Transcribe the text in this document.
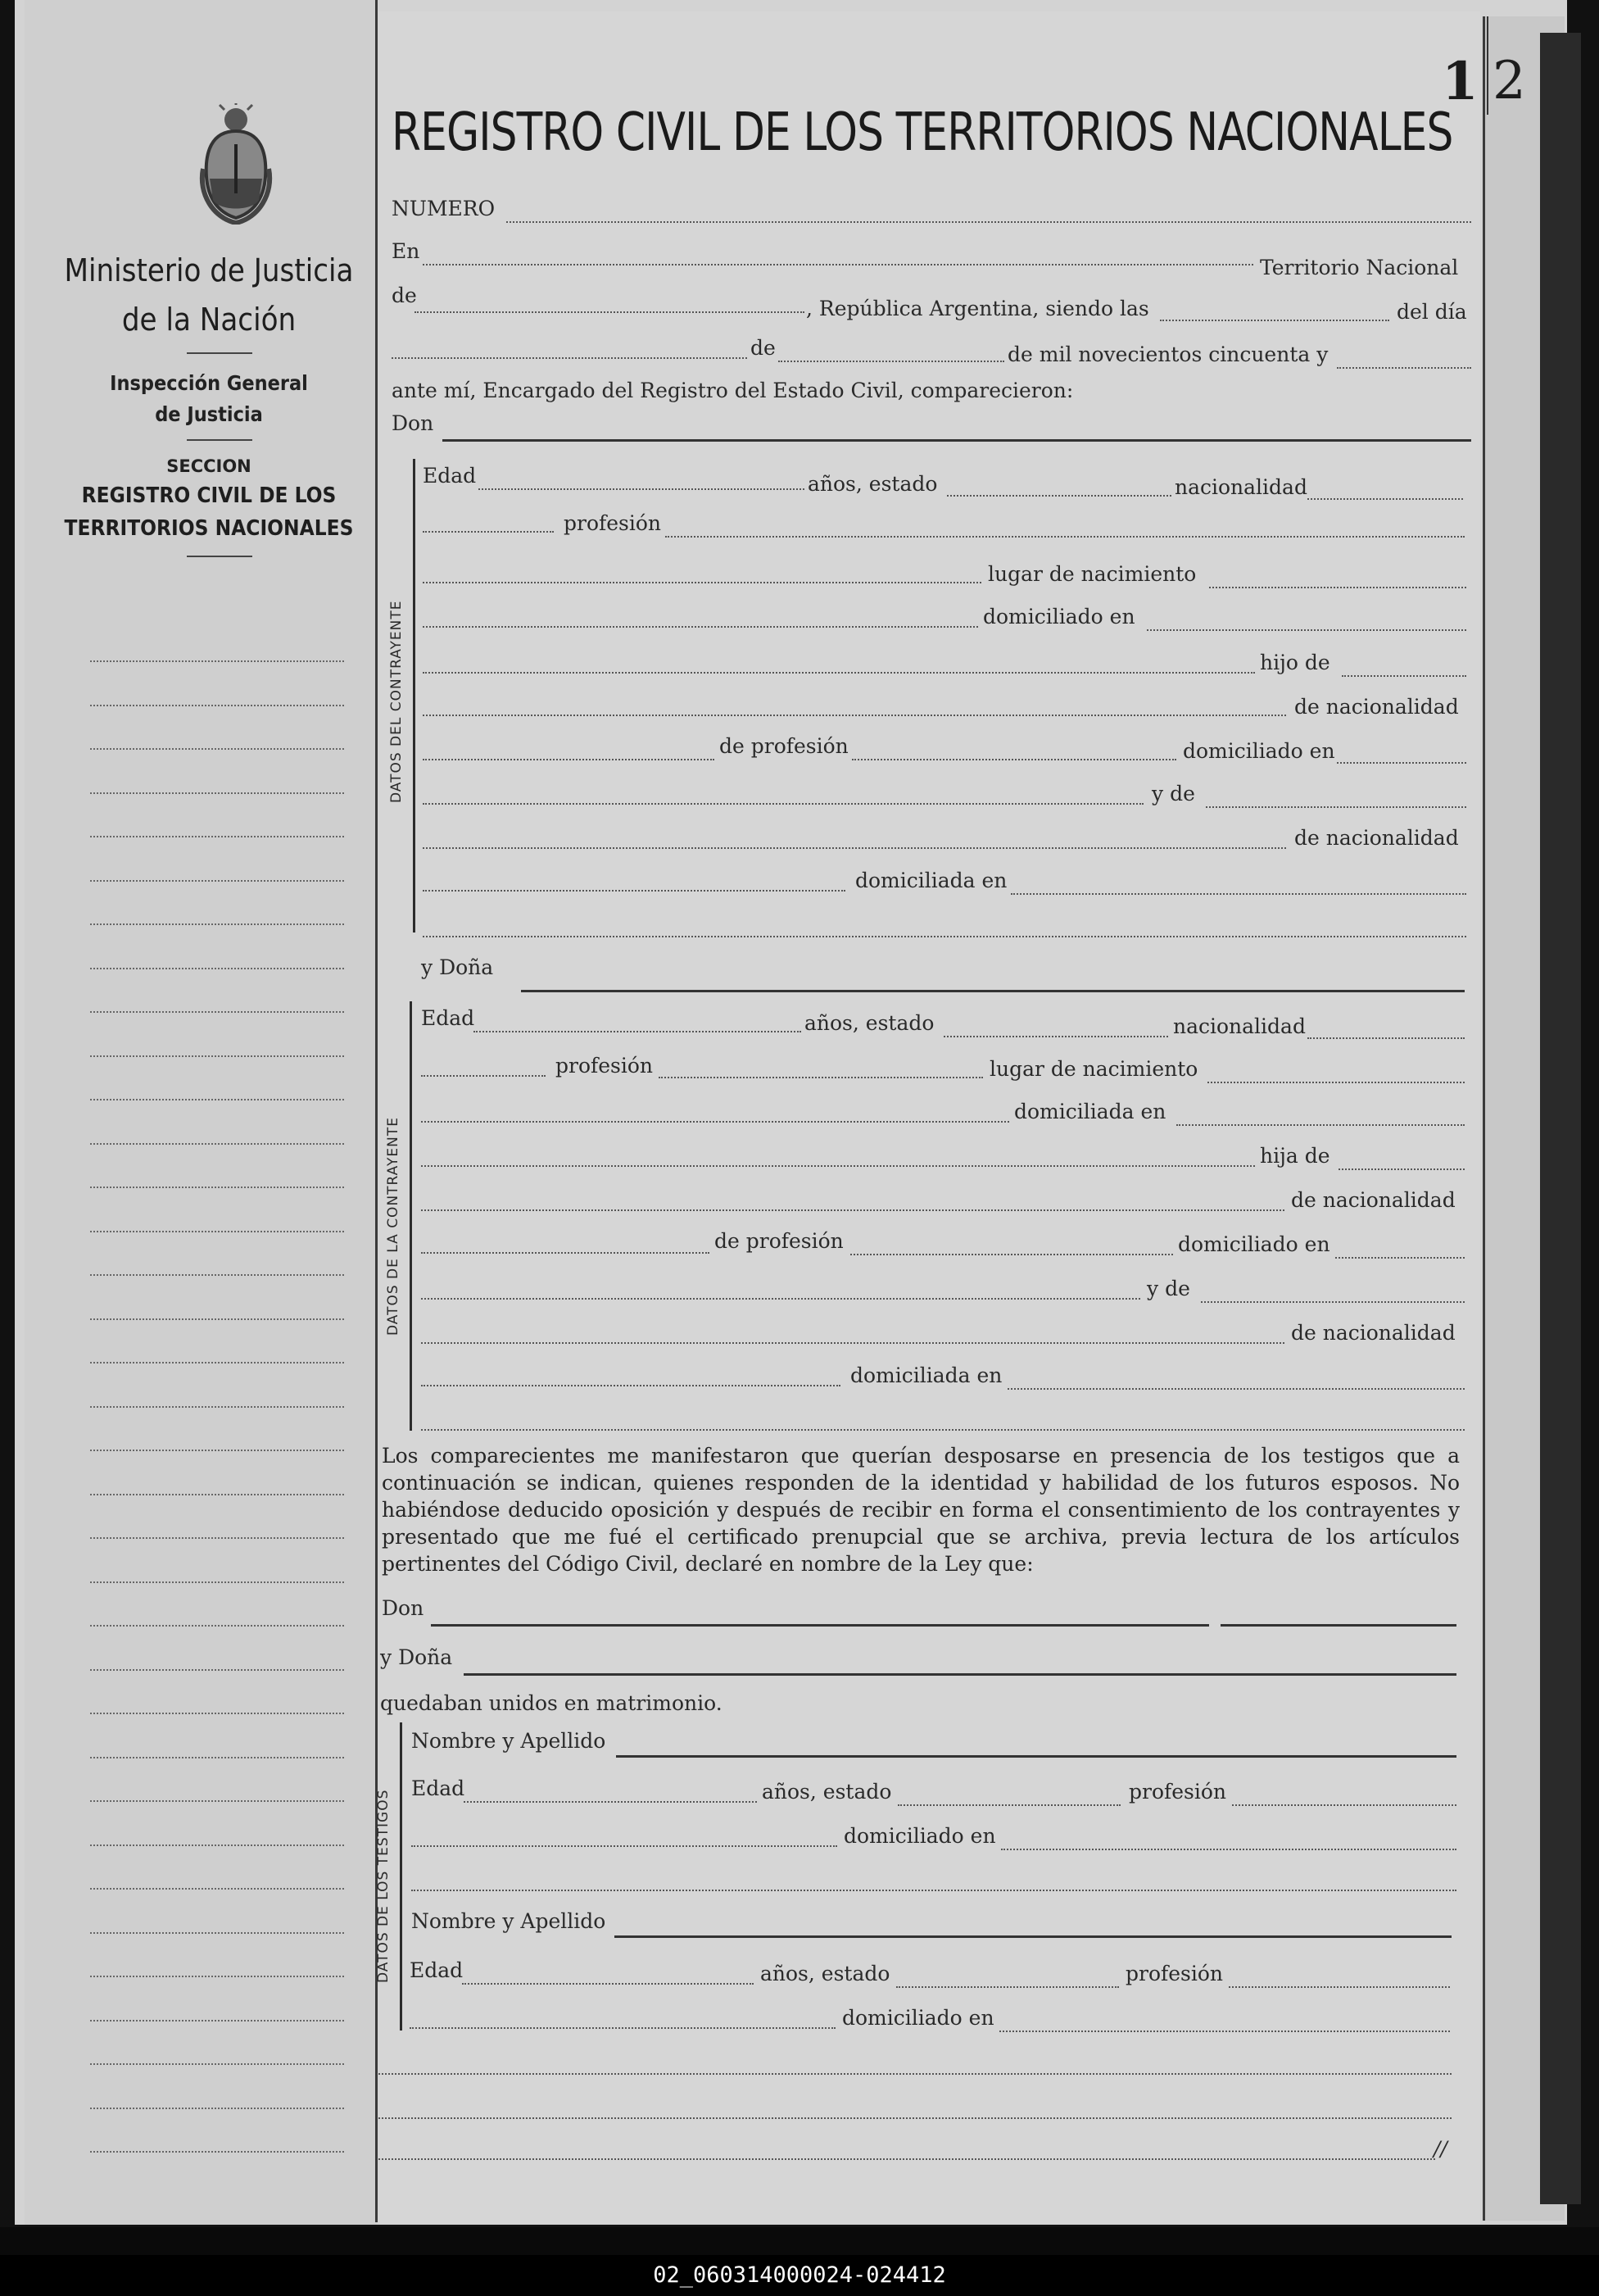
REGISTRO CIVIL DE LOS TERRITORIOS NACIONALES
1 2
Ministerio de Justicia
de la Nación
Inspección General
de Justicia
SECCION
REGISTRO CIVIL DE LOS
TERRITORIOS NACIONALES
NUMERO
En
Territorio Nacional
de
, República Argentina, siendo las	del día
de	de mil novecientos cincuenta y
ante mí, Encargado del Registro del Estado Civil, comparecieron:
Don
DATOS DEL CONTRAYENTE
Edad	años, estado	nacionalidad
profesión
lugar de nacimiento
domiciliado en
hijo de
de nacionalidad
de profesión	domiciliado en
y de
de nacionalidad
domiciliada en
y Doña
DATOS DE LA CONTRAYENTE
Edad	años, estado	nacionalidad
profesión	lugar de nacimiento
domiciliada en
hija de
de nacionalidad
de profesión	domiciliado en
y de
de nacionalidad
domiciliada en
Los comparecientes me manifestaron que querían desposarse en presencia de los testigos que a continuación se indican, quienes responden de la identidad y habilidad de los futuros esposos. No habiéndose deducido oposición y después de recibir en forma el consentimiento de los contrayentes y presentado que me fué el certificado prenupcial que se archiva, previa lectura de los artículos pertinentes del Código Civil, declaré en nombre de la Ley que:
Don
y Doña
quedaban unidos en matrimonio.
DATOS DE LOS TESTIGOS
Nombre y Apellido
Edad	años, estado	profesión
domiciliado en
Nombre y Apellido
Edad	años, estado	profesión
domiciliado en
//
02_060314000024-024412
